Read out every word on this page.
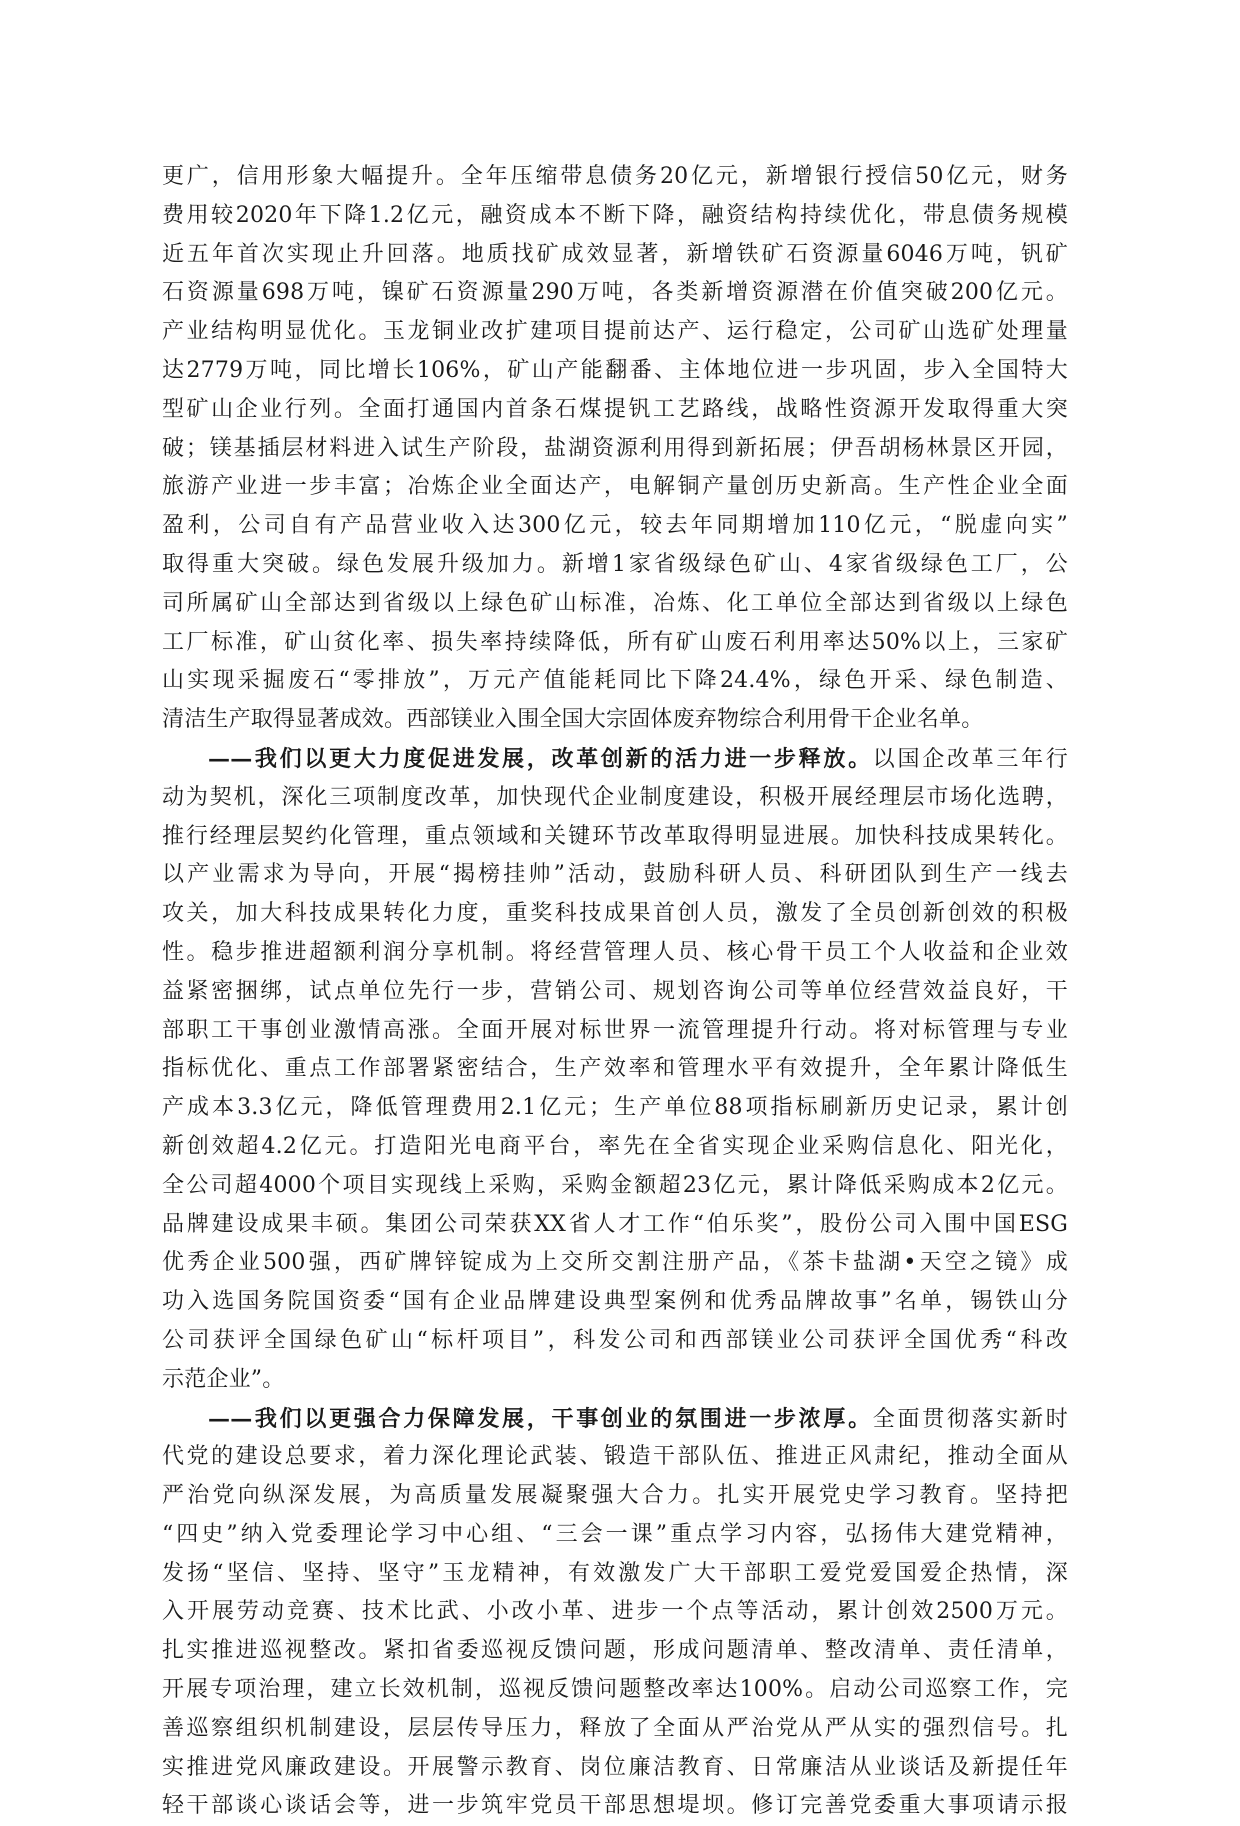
更广，信用形象大幅提升。全年压缩带息债务20亿元，新增银行授信50亿元，财务
费用较2020年下降1.2亿元，融资成本不断下降，融资结构持续优化，带息债务规模
近五年首次实现止升回落。地质找矿成效显著，新增铁矿石资源量6046万吨，钒矿
石资源量698万吨，镍矿石资源量290万吨，各类新增资源潜在价值突破200亿元。
产业结构明显优化。玉龙铜业改扩建项目提前达产、运行稳定，公司矿山选矿处理量
达2779万吨，同比增长106%，矿山产能翻番、主体地位进一步巩固，步入全国特大
型矿山企业行列。全面打通国内首条石煤提钒工艺路线，战略性资源开发取得重大突
破；镁基插层材料进入试生产阶段，盐湖资源利用得到新拓展；伊吾胡杨林景区开园，
旅游产业进一步丰富；冶炼企业全面达产，电解铜产量创历史新高。生产性企业全面
盈利，公司自有产品营业收入达300亿元，较去年同期增加110亿元，“脱虚向实”
取得重大突破。绿色发展升级加力。新增1家省级绿色矿山、4家省级绿色工厂，公
司所属矿山全部达到省级以上绿色矿山标准，冶炼、化工单位全部达到省级以上绿色
工厂标准，矿山贫化率、损失率持续降低，所有矿山废石利用率达50%以上，三家矿
山实现采掘废石“零排放”，万元产值能耗同比下降24.4%，绿色开采、绿色制造、
清洁生产取得显著成效。西部镁业入围全国大宗固体废弃物综合利用骨干企业名单。
——我们以更大力度促进发展，改革创新的活力进一步释放。以国企改革三年行
动为契机，深化三项制度改革，加快现代企业制度建设，积极开展经理层市场化选聘，
推行经理层契约化管理，重点领域和关键环节改革取得明显进展。加快科技成果转化。
以产业需求为导向，开展“揭榜挂帅”活动，鼓励科研人员、科研团队到生产一线去
攻关，加大科技成果转化力度，重奖科技成果首创人员，激发了全员创新创效的积极
性。稳步推进超额利润分享机制。将经营管理人员、核心骨干员工个人收益和企业效
益紧密捆绑，试点单位先行一步，营销公司、规划咨询公司等单位经营效益良好，干
部职工干事创业激情高涨。全面开展对标世界一流管理提升行动。将对标管理与专业
指标优化、重点工作部署紧密结合，生产效率和管理水平有效提升，全年累计降低生
产成本3.3亿元，降低管理费用2.1亿元；生产单位88项指标刷新历史记录，累计创
新创效超4.2亿元。打造阳光电商平台，率先在全省实现企业采购信息化、阳光化，
全公司超4000个项目实现线上采购，采购金额超23亿元，累计降低采购成本2亿元。
品牌建设成果丰硕。集团公司荣获XX省人才工作“伯乐奖”，股份公司入围中国ESG
优秀企业500强，西矿牌锌锭成为上交所交割注册产品，《茶卡盐湖•天空之镜》成
功入选国务院国资委“国有企业品牌建设典型案例和优秀品牌故事”名单，锡铁山分
公司获评全国绿色矿山“标杆项目”，科发公司和西部镁业公司获评全国优秀“科改
示范企业”。
——我们以更强合力保障发展，干事创业的氛围进一步浓厚。全面贯彻落实新时
代党的建设总要求，着力深化理论武装、锻造干部队伍、推进正风肃纪，推动全面从
严治党向纵深发展，为高质量发展凝聚强大合力。扎实开展党史学习教育。坚持把
“四史”纳入党委理论学习中心组、“三会一课”重点学习内容，弘扬伟大建党精神，
发扬“坚信、坚持、坚守”玉龙精神，有效激发广大干部职工爱党爱国爱企热情，深
入开展劳动竞赛、技术比武、小改小革、进步一个点等活动，累计创效2500万元。
扎实推进巡视整改。紧扣省委巡视反馈问题，形成问题清单、整改清单、责任清单，
开展专项治理，建立长效机制，巡视反馈问题整改率达100%。启动公司巡察工作，完
善巡察组织机制建设，层层传导压力，释放了全面从严治党从严从实的强烈信号。扎
实推进党风廉政建设。开展警示教育、岗位廉洁教育、日常廉洁从业谈话及新提任年
轻干部谈心谈话会等，进一步筑牢党员干部思想堤坝。修订完善党委重大事项请示报
